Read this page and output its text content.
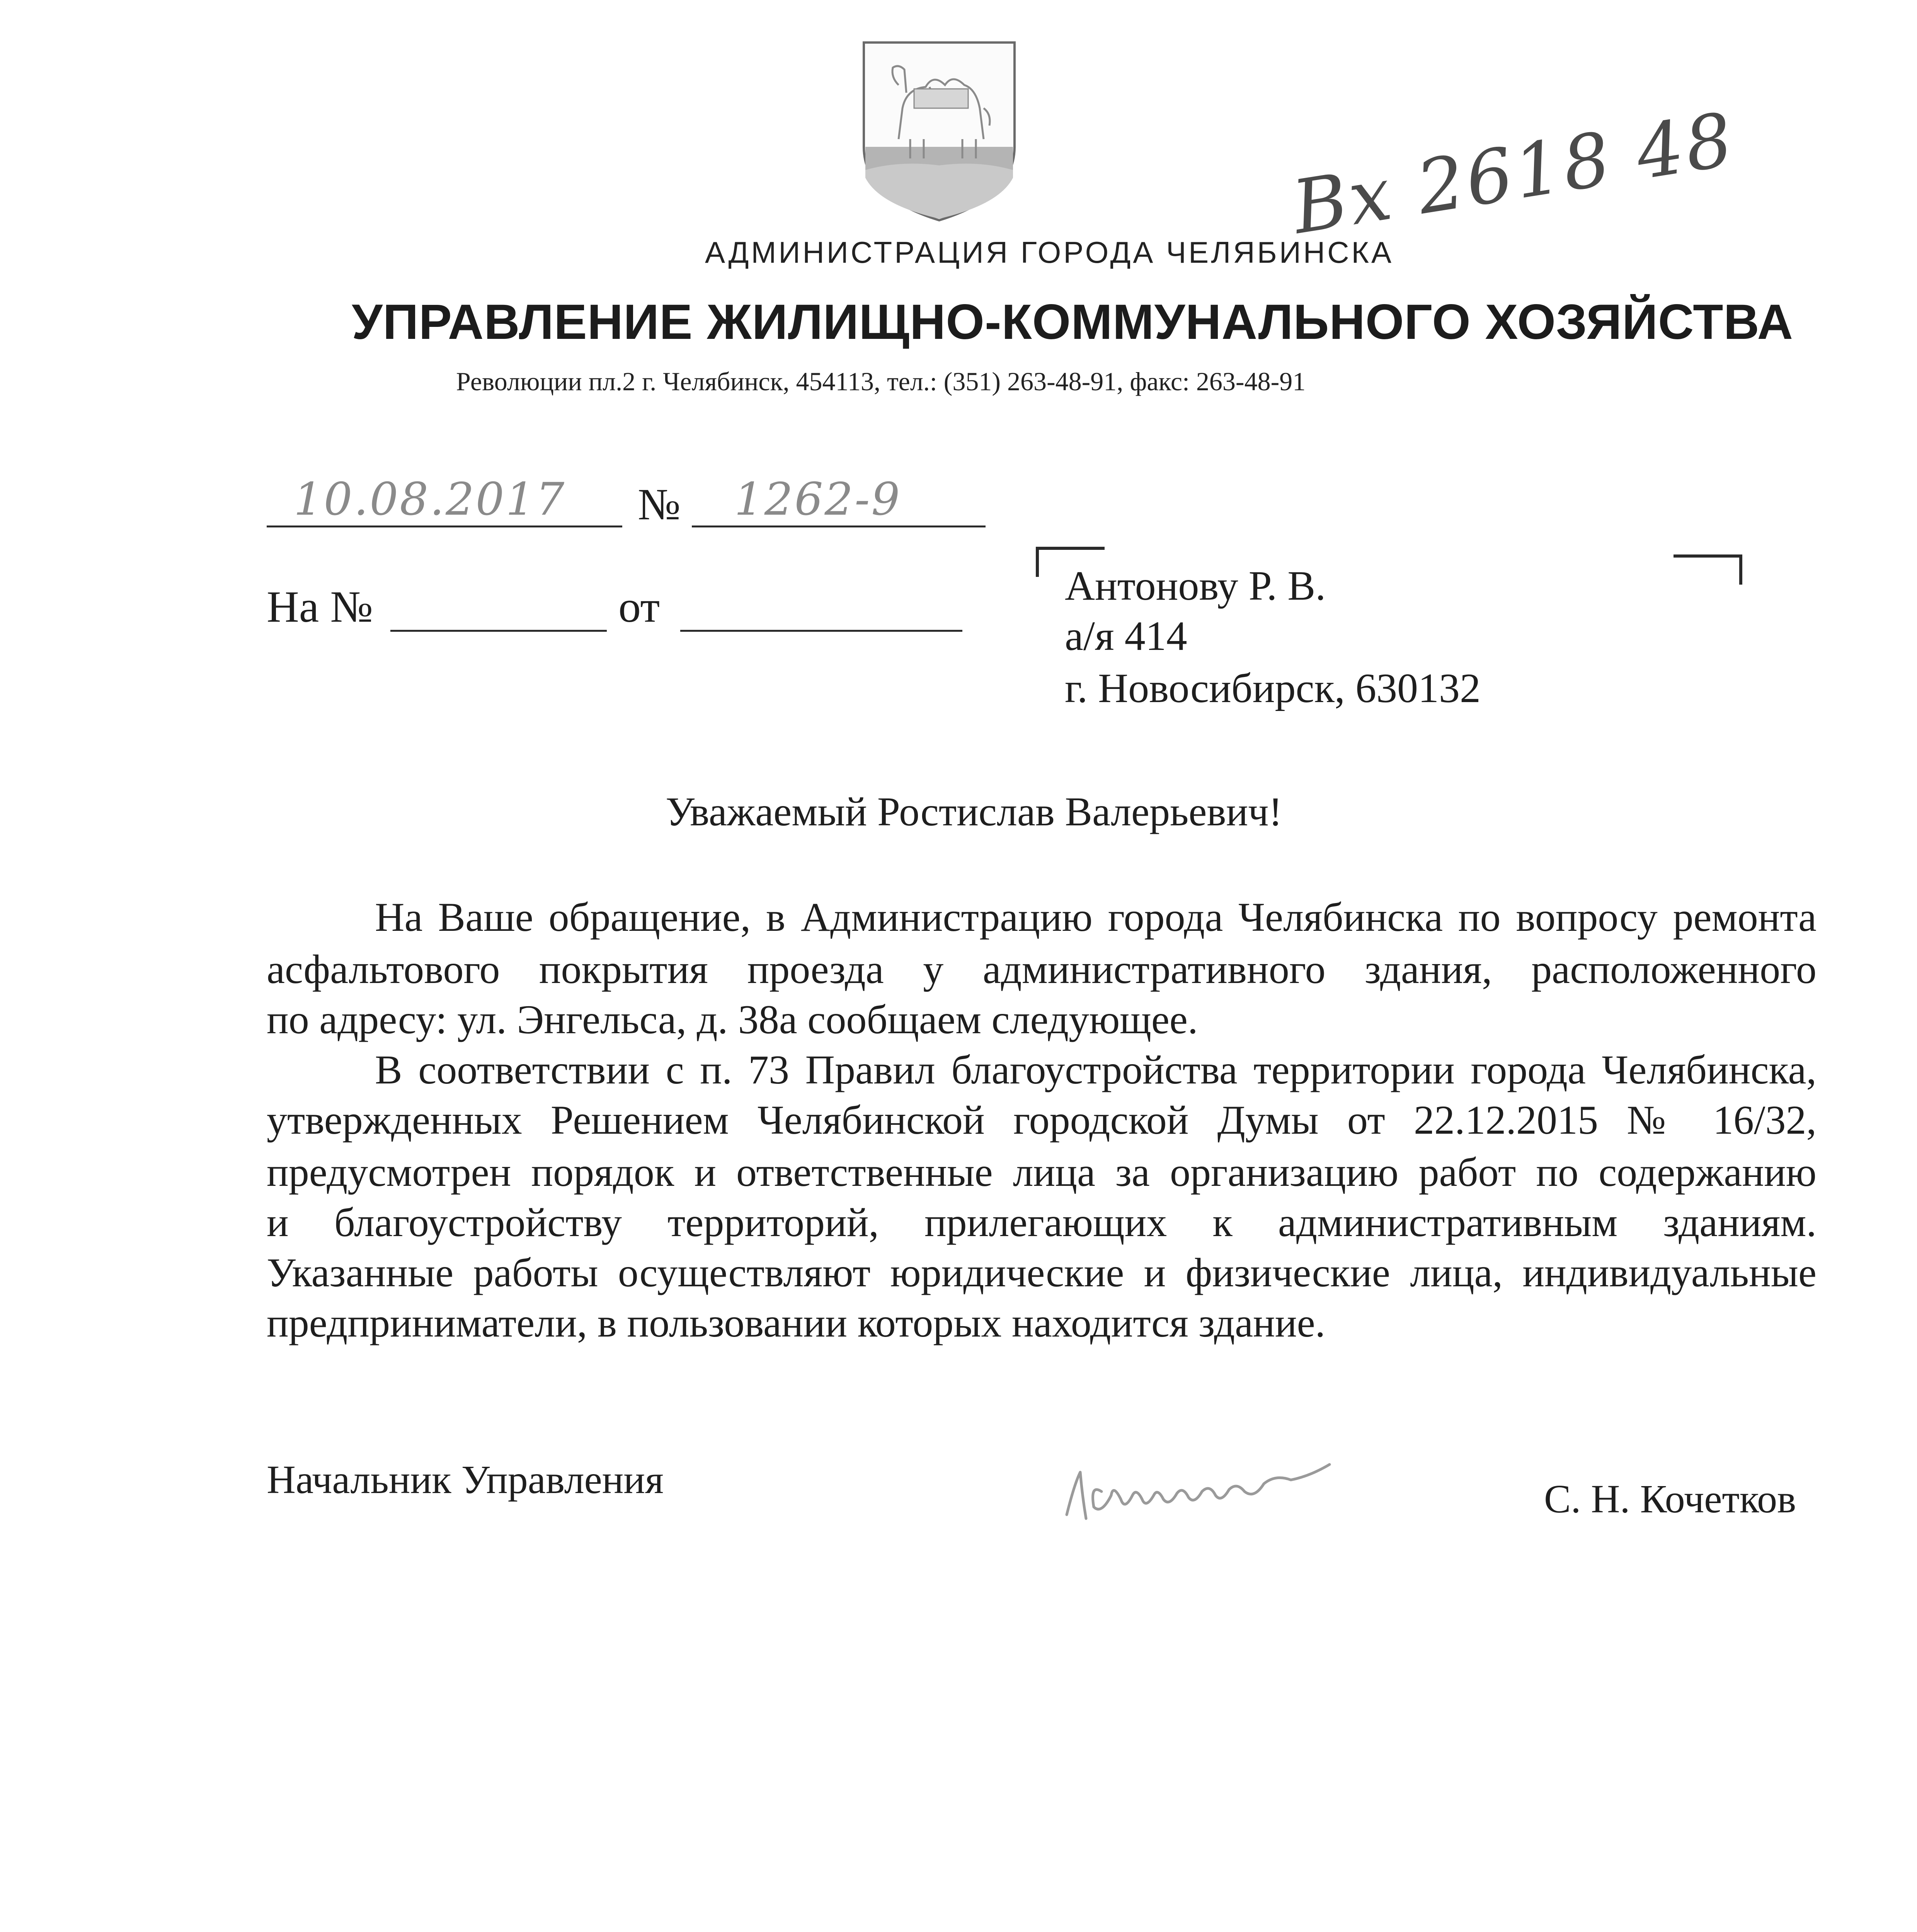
Вх 2618 48
АДМИНИСТРАЦИЯ ГОРОДА ЧЕЛЯБИНСКА
УПРАВЛЕНИЕ ЖИЛИЩНО-КОММУНАЛЬНОГО ХОЗЯЙСТВА
Революции пл.2 г. Челябинск, 454113, тел.: (351) 263-48-91, факс: 263-48-91
10.08.2017 № 1262-9
На №	от	Антонову Р. В.
а/я 414
г. Новосибирск, 630132
Уважаемый Ростислав Валерьевич!
На Ваше обращение, в Администрацию города Челябинска по вопросу ремонта
асфальтового покрытия проезда у административного здания, расположенного
по адресу: ул. Энгельса, д. 38а сообщаем следующее.
В соответствии с п. 73 Правил благоустройства территории города Челябинска,
утвержденных Решением Челябинской городской Думы от 22.12.2015 № 16/32,
предусмотрен порядок и ответственные лица за организацию работ по содержанию
и благоустройству территорий, прилегающих к административным зданиям.
Указанные работы осуществляют юридические и физические лица, индивидуальные
предприниматели, в пользовании которых находится здание.
Начальник Управления	С. Н. Кочетков
